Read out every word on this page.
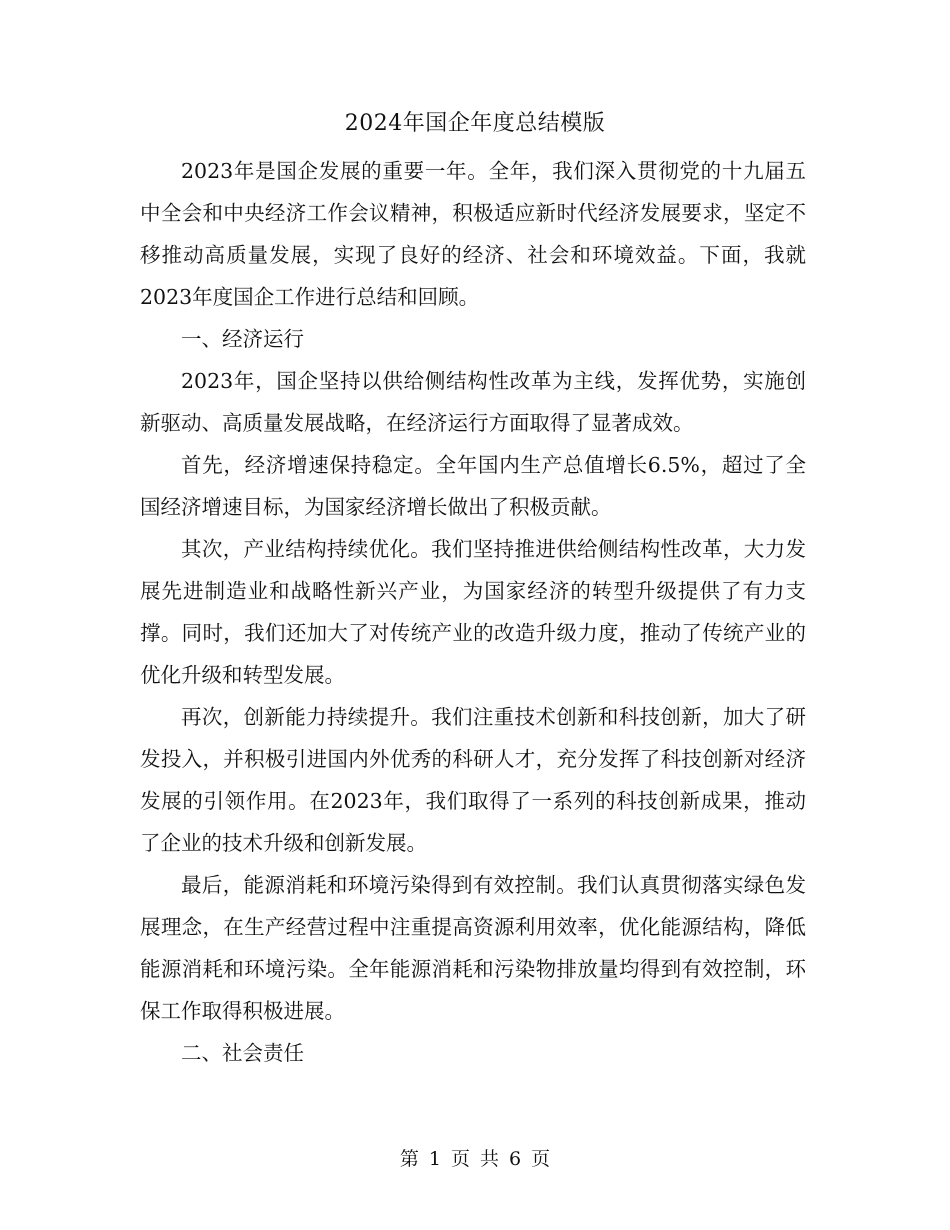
2024年国企年度总结模版

2023年是国企发展的重要一年。全年，我们深入贯彻党的十九届五中全会和中央经济工作会议精神，积极适应新时代经济发展要求，坚定不移推动高质量发展，实现了良好的经济、社会和环境效益。下面，我就2023年度国企工作进行总结和回顾。

一、经济运行

2023年，国企坚持以供给侧结构性改革为主线，发挥优势，实施创新驱动、高质量发展战略，在经济运行方面取得了显著成效。

首先，经济增速保持稳定。全年国内生产总值增长6.5%，超过了全国经济增速目标，为国家经济增长做出了积极贡献。

其次，产业结构持续优化。我们坚持推进供给侧结构性改革，大力发展先进制造业和战略性新兴产业，为国家经济的转型升级提供了有力支撑。同时，我们还加大了对传统产业的改造升级力度，推动了传统产业的优化升级和转型发展。

再次，创新能力持续提升。我们注重技术创新和科技创新，加大了研发投入，并积极引进国内外优秀的科研人才，充分发挥了科技创新对经济发展的引领作用。在2023年，我们取得了一系列的科技创新成果，推动了企业的技术升级和创新发展。

最后，能源消耗和环境污染得到有效控制。我们认真贯彻落实绿色发展理念，在生产经营过程中注重提高资源利用效率，优化能源结构，降低能源消耗和环境污染。全年能源消耗和污染物排放量均得到有效控制，环保工作取得积极进展。

二、社会责任

第 1 页 共 6 页
